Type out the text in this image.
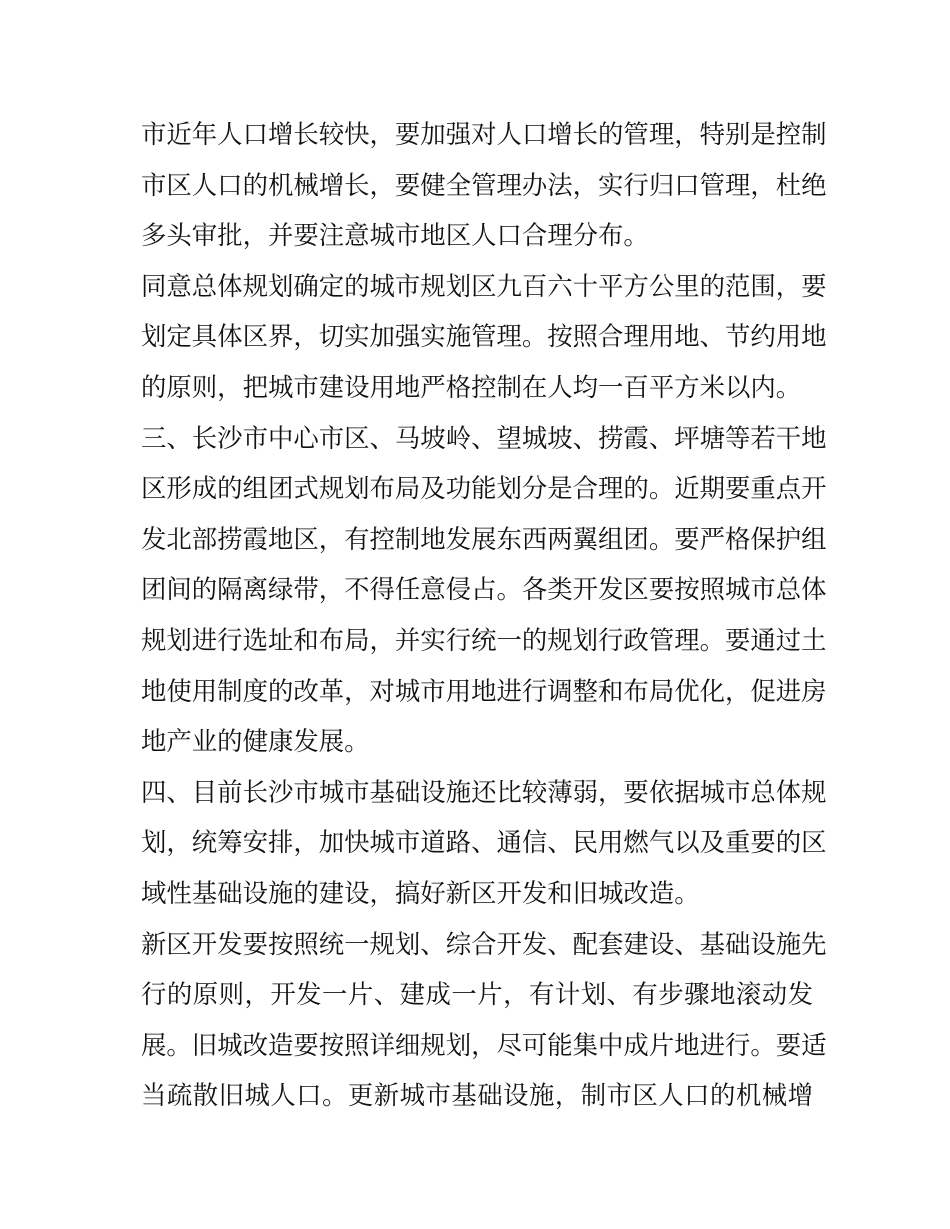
市近年人口增长较快，要加强对人口增长的管理，特别是控制
市区人口的机械增长，要健全管理办法，实行归口管理，杜绝
多头审批，并要注意城市地区人口合理分布。
同意总体规划确定的城市规划区九百六十平方公里的范围，要
划定具体区界，切实加强实施管理。按照合理用地、节约用地
的原则，把城市建设用地严格控制在人均一百平方米以内。
三、长沙市中心市区、马坡岭、望城坡、捞霞、坪塘等若干地
区形成的组团式规划布局及功能划分是合理的。近期要重点开
发北部捞霞地区，有控制地发展东西两翼组团。要严格保护组
团间的隔离绿带，不得任意侵占。各类开发区要按照城市总体
规划进行选址和布局，并实行统一的规划行政管理。要通过土
地使用制度的改革，对城市用地进行调整和布局优化，促进房
地产业的健康发展。
四、目前长沙市城市基础设施还比较薄弱，要依据城市总体规
划，统筹安排，加快城市道路、通信、民用燃气以及重要的区
域性基础设施的建设，搞好新区开发和旧城改造。
新区开发要按照统一规划、综合开发、配套建设、基础设施先
行的原则，开发一片、建成一片，有计划、有步骤地滚动发
展。旧城改造要按照详细规划，尽可能集中成片地进行。要适
当疏散旧城人口。更新城市基础设施，制市区人口的机械增
